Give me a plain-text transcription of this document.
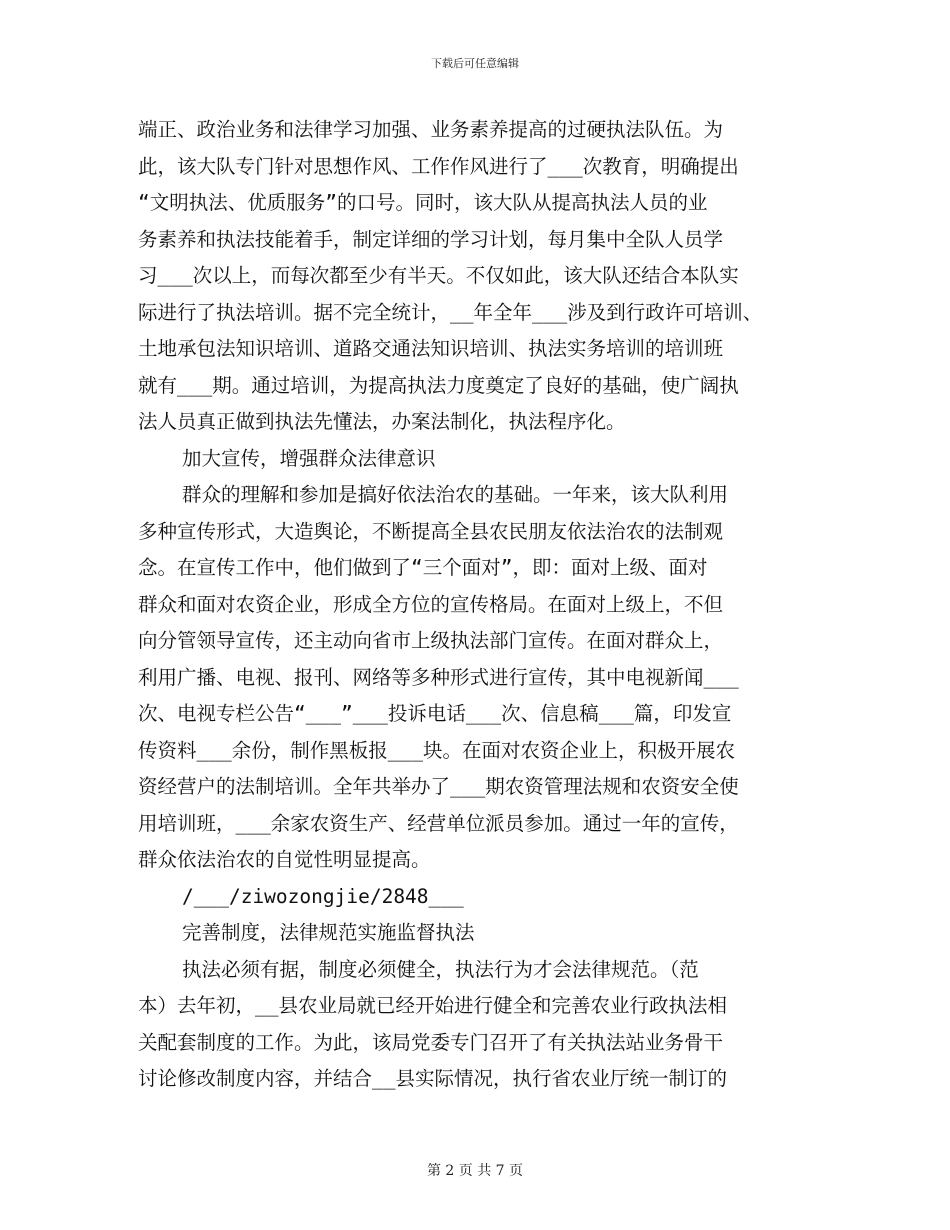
下载后可任意编辑
端正、政治业务和法律学习加强、业务素养提高的过硬执法队伍。为
此，该大队专门针对思想作风、工作作风进行了___次教育，明确提出
“文明执法、优质服务”的口号。同时，该大队从提高执法人员的业
务素养和执法技能着手，制定详细的学习计划，每月集中全队人员学
习___次以上，而每次都至少有半天。不仅如此，该大队还结合本队实
际进行了执法培训。据不完全统计，__年全年___涉及到行政许可培训、
土地承包法知识培训、道路交通法知识培训、执法实务培训的培训班
就有___期。通过培训，为提高执法力度奠定了良好的基础，使广阔执
法人员真正做到执法先懂法，办案法制化，执法程序化。
加大宣传，增强群众法律意识
群众的理解和参加是搞好依法治农的基础。一年来，该大队利用
多种宣传形式，大造舆论，不断提高全县农民朋友依法治农的法制观
念。在宣传工作中，他们做到了“三个面对”，即：面对上级、面对
群众和面对农资企业，形成全方位的宣传格局。在面对上级上，不但
向分管领导宣传，还主动向省市上级执法部门宣传。在面对群众上，
利用广播、电视、报刊、网络等多种形式进行宣传，其中电视新闻___
次、电视专栏公告“___”___投诉电话___次、信息稿___篇，印发宣
传资料___余份，制作黑板报___块。在面对农资企业上，积极开展农
资经营户的法制培训。全年共举办了___期农资管理法规和农资安全使
用培训班，___余家农资生产、经营单位派员参加。通过一年的宣传，
群众依法治农的自觉性明显提高。
/___/ziwozongjie/2848___
完善制度，法律规范实施监督执法
执法必须有据，制度必须健全，执法行为才会法律规范。（范
本）去年初，__县农业局就已经开始进行健全和完善农业行政执法相
关配套制度的工作。为此，该局党委专门召开了有关执法站业务骨干
讨论修改制度内容，并结合__县实际情况，执行省农业厅统一制订的
第 2 页 共 7 页
